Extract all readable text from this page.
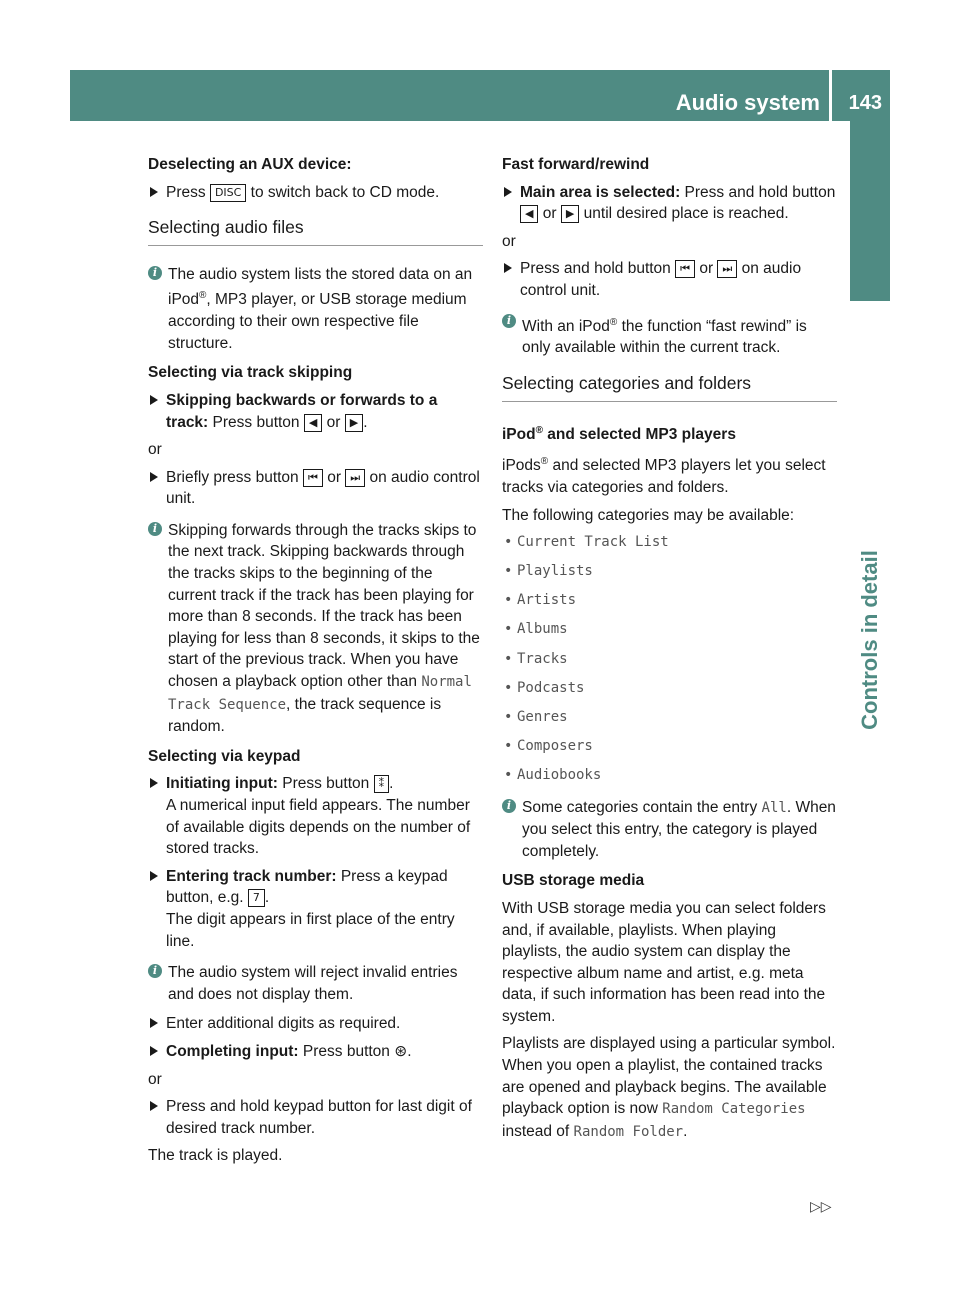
Audio system 143
Controls in detail

Deselecting an AUX device:

Press DISC to switch back to CD mode.
Selecting audio files
i The audio system lists the stored data on an iPod®, MP3 player, or USB storage medium according to their own respective file structure.

Selecting via track skipping

Skipping backwards or forwards to a track: Press button ◀ or ▶ .

or

Briefly press button ⏮ or ⏭ on audio control unit.
i Skipping forwards through the tracks skips to the next track. Skipping backwards through the tracks skips to the beginning of the current track if the track has been playing for more than 8 seconds. If the track has been playing for less than 8 seconds, it skips to the start of the previous track. When you have chosen a playback option other than Normal Track Sequence, the track sequence is random.

Selecting via keypad

Initiating input: Press button ⁑ .
A numerical input field appears. The number of available digits depends on the number of stored tracks.
Entering track number: Press a keypad button, e.g. 7 .
The digit appears in first place of the entry line.
i The audio system will reject invalid entries and does not display them.
Enter additional digits as required.
Completing input: Press button ⊛.

or

Press and hold keypad button for last digit of desired track number.

The track is played.

Fast forward/rewind

Main area is selected: Press and hold button ◀ or ▶ until desired place is reached.

or

Press and hold button ⏮ or ⏭ on audio control unit.
i With an iPod® the function “fast rewind” is only available within the current track.
Selecting categories and folders

iPod® and selected MP3 players

iPods® and selected MP3 players let you select tracks via categories and folders.

The following categories may be available:

• Current Track List
• Playlists
• Artists
• Albums
• Tracks
• Podcasts
• Genres
• Composers
• Audiobooks
i Some categories contain the entry All. When you select this entry, the category is played completely.

USB storage media

With USB storage media you can select folders and, if available, playlists. When playing playlists, the audio system can display the respective album name and artist, e.g. meta data, if such information has been read into the system.

Playlists are displayed using a particular symbol. When you open a playlist, the contained tracks are opened and playback begins. The available playback option is now Random Categories instead of Random Folder.

▷▷
